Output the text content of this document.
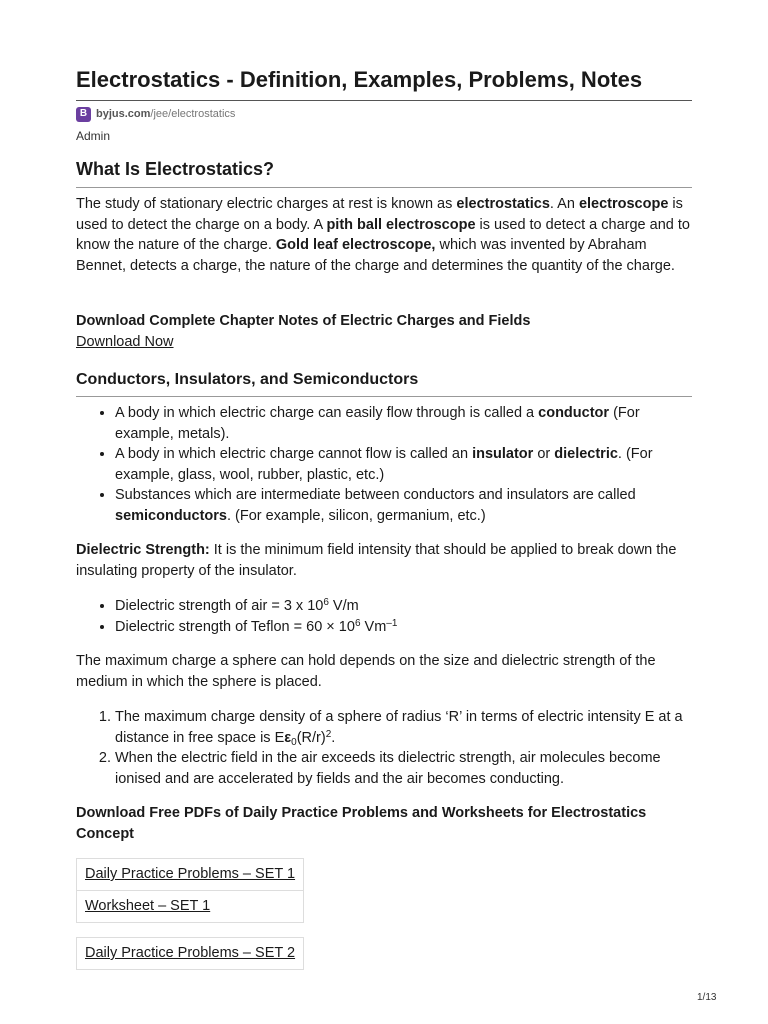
Electrostatics - Definition, Examples, Problems, Notes
B byjus.com /jee/electrostatics
Admin
What Is Electrostatics?

The study of stationary electric charges at rest is known as electrostatics. An electroscope is used to detect the charge on a body. A pith ball electroscope is used to detect a charge and to know the nature of the charge. Gold leaf electroscope, which was invented by Abraham Bennet, detects a charge, the nature of the charge and determines the quantity of the charge.

Download Complete Chapter Notes of Electric Charges and Fields

Download Now

Conductors, Insulators, and Semiconductors
• A body in which electric charge can easily flow through is called a conductor (For example, metals).
• A body in which electric charge cannot flow is called an insulator or dielectric. (For example, glass, wool, rubber, plastic, etc.)
• Substances which are intermediate between conductors and insulators are called semiconductors. (For example, silicon, germanium, etc.)

Dielectric Strength: It is the minimum field intensity that should be applied to break down the insulating property of the insulator.

• Dielectric strength of air = 3 x $10^6$ V/m
• Dielectric strength of Teflon = $60 \times 10^6$ $Vm^{-1}$

The maximum charge a sphere can hold depends on the size and dielectric strength of the medium in which the sphere is placed.

1. The maximum charge density of a sphere of radius ‘R’ in terms of electric intensity E at a distance in free space is $E\varepsilon_0(R/r)^2$.
2. When the electric field in the air exceeds its dielectric strength, air molecules become ionised and are accelerated by fields and the air becomes conducting.

Download Free PDFs of Daily Practice Problems and Worksheets for Electrostatics Concept

Daily Practice Problems – SET 1
Worksheet – SET 1
Daily Practice Problems – SET 2
1/13
